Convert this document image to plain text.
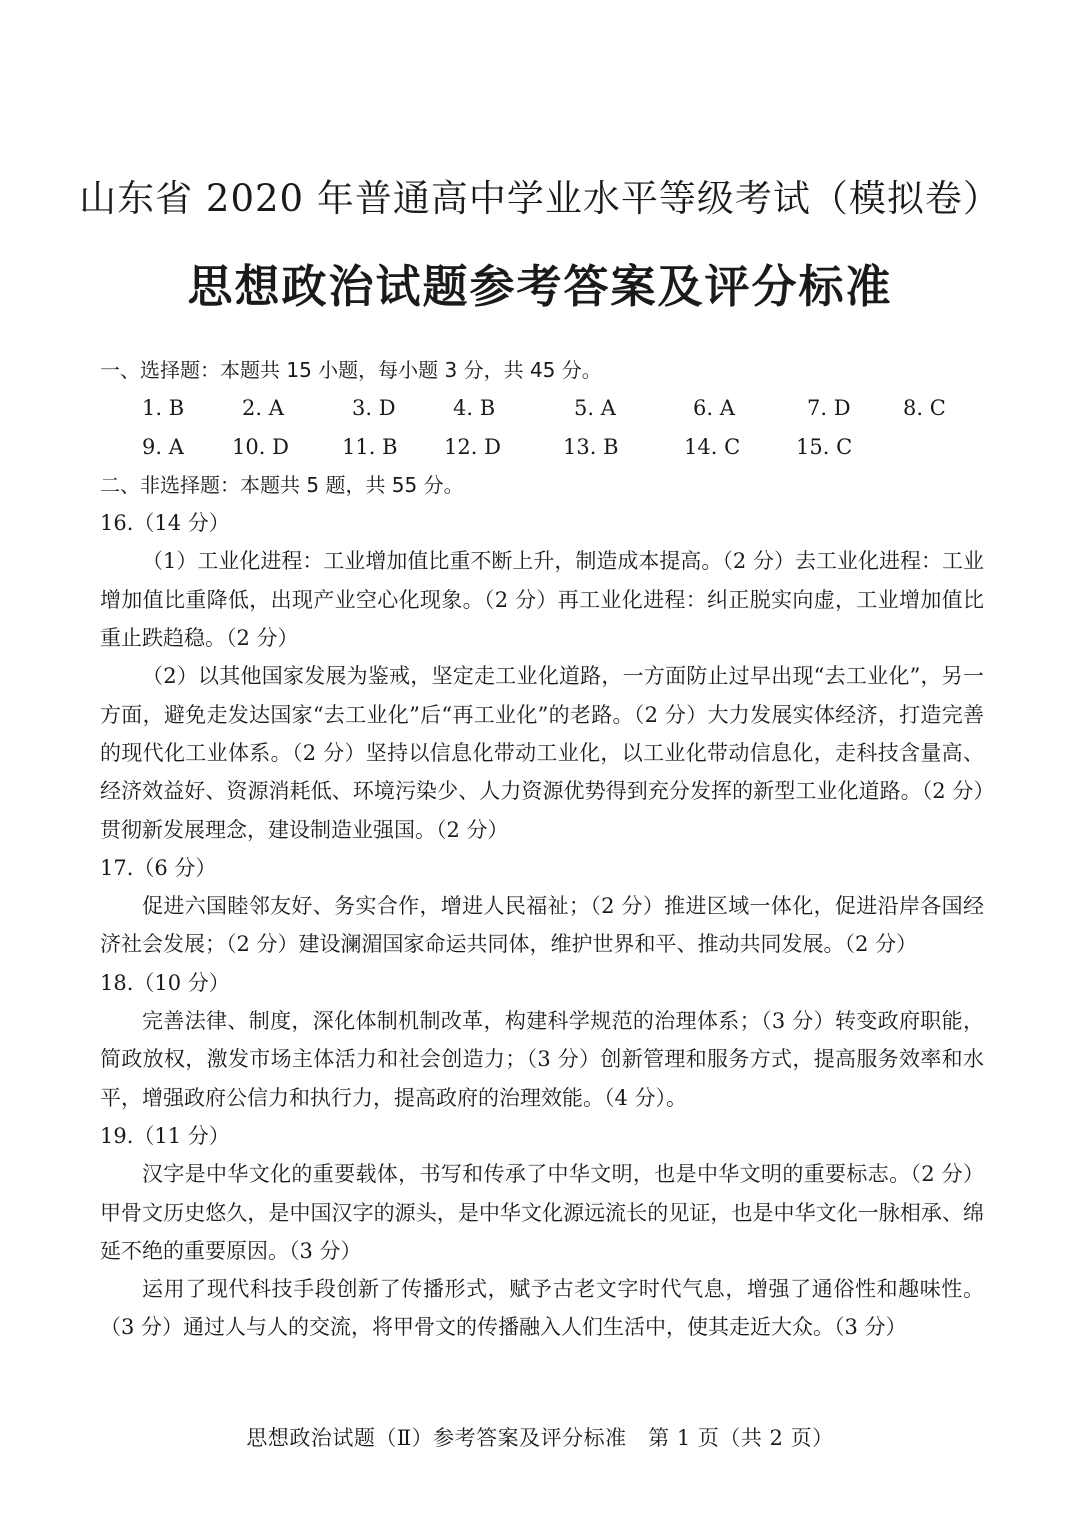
山东省 2020 年普通高中学业水平等级考试（模拟卷）
思想政治试题参考答案及评分标准

一、选择题：本题共 15 小题，每小题 3 分，共 45 分。

1. B	2. A	3. D	4. B	5. A	6. A	7. D	8. C
9. A	10. D	11. B	12. D	13. B	14. C	15. C

二、非选择题：本题共 5 题，共 55 分。

16.（14 分）

（1）工业化进程：工业增加值比重不断上升，制造成本提高。（2 分）去工业化进程：工业增加值比重降低，出现产业空心化现象。（2 分）再工业化进程：纠正脱实向虚，工业增加值比重止跌趋稳。（2 分）

（2）以其他国家发展为鉴戒，坚定走工业化道路，一方面防止过早出现“去工业化”，另一方面，避免走发达国家“去工业化”后“再工业化”的老路。（2 分）大力发展实体经济，打造完善的现代化工业体系。（2 分）坚持以信息化带动工业化，以工业化带动信息化，走科技含量高、经济效益好、资源消耗低、环境污染少、人力资源优势得到充分发挥的新型工业化道路。（2 分）贯彻新发展理念，建设制造业强国。（2 分）

17.（6 分）

促进六国睦邻友好、务实合作，增进人民福祉；（2 分）推进区域一体化，促进沿岸各国经济社会发展；（2 分）建设澜湄国家命运共同体，维护世界和平、推动共同发展。（2 分）

18.（10 分）

完善法律、制度，深化体制机制改革，构建科学规范的治理体系；（3 分）转变政府职能，简政放权，激发市场主体活力和社会创造力；（3 分）创新管理和服务方式，提高服务效率和水平，增强政府公信力和执行力，提高政府的治理效能。（4 分）。

19.（11 分）

汉字是中华文化的重要载体，书写和传承了中华文明，也是中华文明的重要标志。（2 分）甲骨文历史悠久，是中国汉字的源头，是中华文化源远流长的见证，也是中华文化一脉相承、绵延不绝的重要原因。（3 分）

运用了现代科技手段创新了传播形式，赋予古老文字时代气息，增强了通俗性和趣味性。（3 分）通过人与人的交流，将甲骨文的传播融入人们生活中，使其走近大众。（3 分）

思想政治试题（Ⅱ）参考答案及评分标准　第 1 页（共 2 页）
